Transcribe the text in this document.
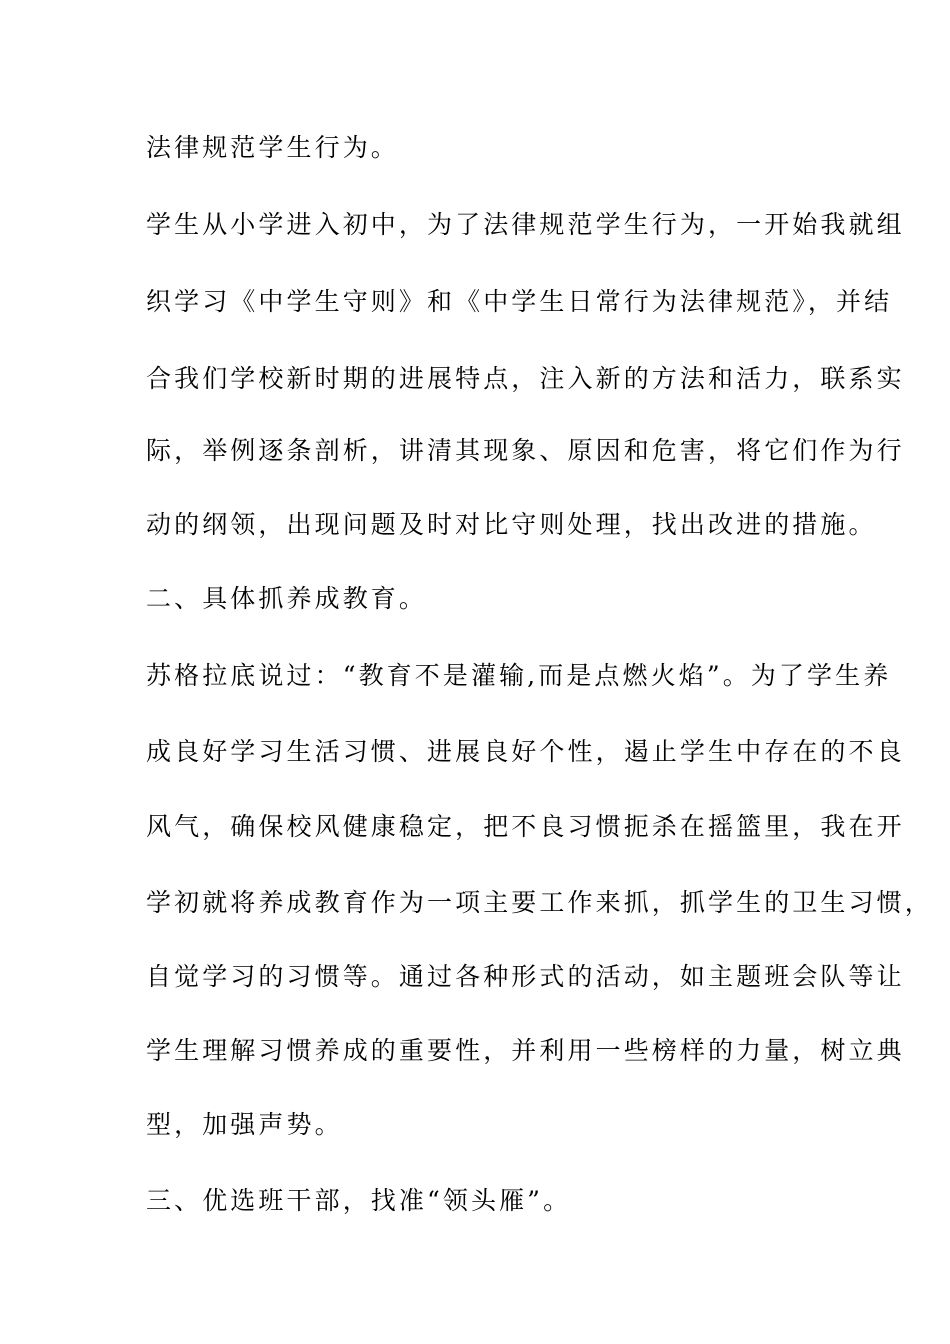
法律规范学生行为。
学生从小学进入初中，为了法律规范学生行为，一开始我就组
织学习《中学生守则》和《中学生日常行为法律规范》，并结
合我们学校新时期的进展特点，注入新的方法和活力，联系实
际，举例逐条剖析，讲清其现象、原因和危害，将它们作为行
动的纲领，出现问题及时对比守则处理，找出改进的措施。
二、具体抓养成教育。
苏格拉底说过：“教育不是灌输,而是点燃火焰”。为了学生养
成良好学习生活习惯、进展良好个性，遏止学生中存在的不良
风气，确保校风健康稳定，把不良习惯扼杀在摇篮里，我在开
学初就将养成教育作为一项主要工作来抓，抓学生的卫生习惯，
自觉学习的习惯等。通过各种形式的活动，如主题班会队等让
学生理解习惯养成的重要性，并利用一些榜样的力量，树立典
型，加强声势。
三、优选班干部，找准“领头雁”。
